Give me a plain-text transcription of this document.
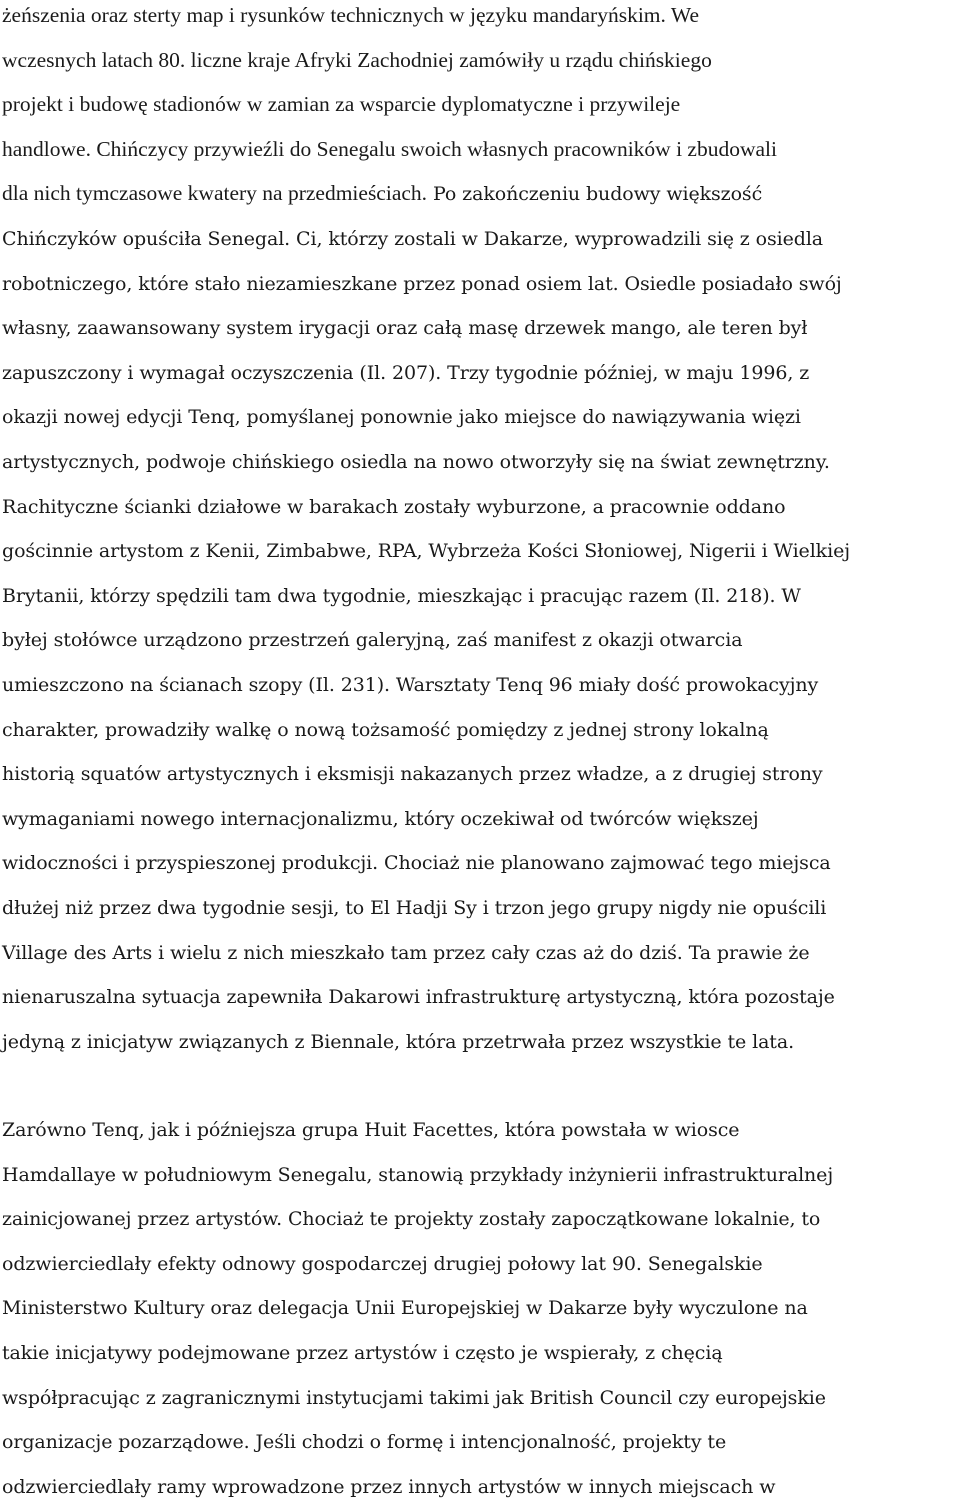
żeńszenia oraz sterty map i rysunków technicznych w języku mandaryńskim. We
wczesnych latach 80. liczne kraje Afryki Zachodniej zamówiły u rządu chińskiego
projekt i budowę stadionów w zamian za wsparcie dyplomatyczne i przywileje
handlowe. Chińczycy przywieźli do Senegalu swoich własnych pracowników i zbudowali
dla nich tymczasowe kwatery na przedmieściach. Po zakończeniu budowy większość
Chińczyków opuściła Senegal. Ci, którzy zostali w Dakarze, wyprowadzili się z osiedla
robotniczego, które stało niezamieszkane przez ponad osiem lat. Osiedle posiadało swój
własny, zaawansowany system irygacji oraz całą masę drzewek mango, ale teren był
zapuszczony i wymagał oczyszczenia (Il. 207). Trzy tygodnie później, w maju 1996, z
okazji nowej edycji Tenq, pomyślanej ponownie jako miejsce do nawiązywania więzi
artystycznych, podwoje chińskiego osiedla na nowo otworzyły się na świat zewnętrzny.
Rachityczne ścianki działowe w barakach zostały wyburzone, a pracownie oddano
gościnnie artystom z Kenii, Zimbabwe, RPA, Wybrzeża Kości Słoniowej, Nigerii i Wielkiej
Brytanii, którzy spędzili tam dwa tygodnie, mieszkając i pracując razem (Il. 218). W
byłej stołówce urządzono przestrzeń galeryjną, zaś manifest z okazji otwarcia
umieszczono na ścianach szopy (Il. 231). Warsztaty Tenq 96 miały dość prowokacyjny
charakter, prowadziły walkę o nową tożsamość pomiędzy z jednej strony lokalną
historią squatów artystycznych i eksmisji nakazanych przez władze, a z drugiej strony
wymaganiami nowego internacjonalizmu, który oczekiwał od twórców większej
widoczności i przyspieszonej produkcji. Chociaż nie planowano zajmować tego miejsca
dłużej niż przez dwa tygodnie sesji, to El Hadji Sy i trzon jego grupy nigdy nie opuścili
Village des Arts i wielu z nich mieszkało tam przez cały czas aż do dziś. Ta prawie że
nienaruszalna sytuacja zapewniła Dakarowi infrastrukturę artystyczną, która pozostaje
jedyną z inicjatyw związanych z Biennale, która przetrwała przez wszystkie te lata.
Zarówno Tenq, jak i późniejsza grupa Huit Facettes, która powstała w wiosce
Hamdallaye w południowym Senegalu, stanowią przykłady inżynierii infrastrukturalnej
zainicjowanej przez artystów. Chociaż te projekty zostały zapoczątkowane lokalnie, to
odzwierciedlały efekty odnowy gospodarczej drugiej połowy lat 90. Senegalskie
Ministerstwo Kultury oraz delegacja Unii Europejskiej w Dakarze były wyczulone na
takie inicjatywy podejmowane przez artystów i często je wspierały, z chęcią
współpracując z zagranicznymi instytucjami takimi jak British Council czy europejskie
organizacje pozarządowe. Jeśli chodzi o formę i intencjonalność, projekty te
odzwierciedlały ramy wprowadzone przez innych artystów w innych miejscach w
